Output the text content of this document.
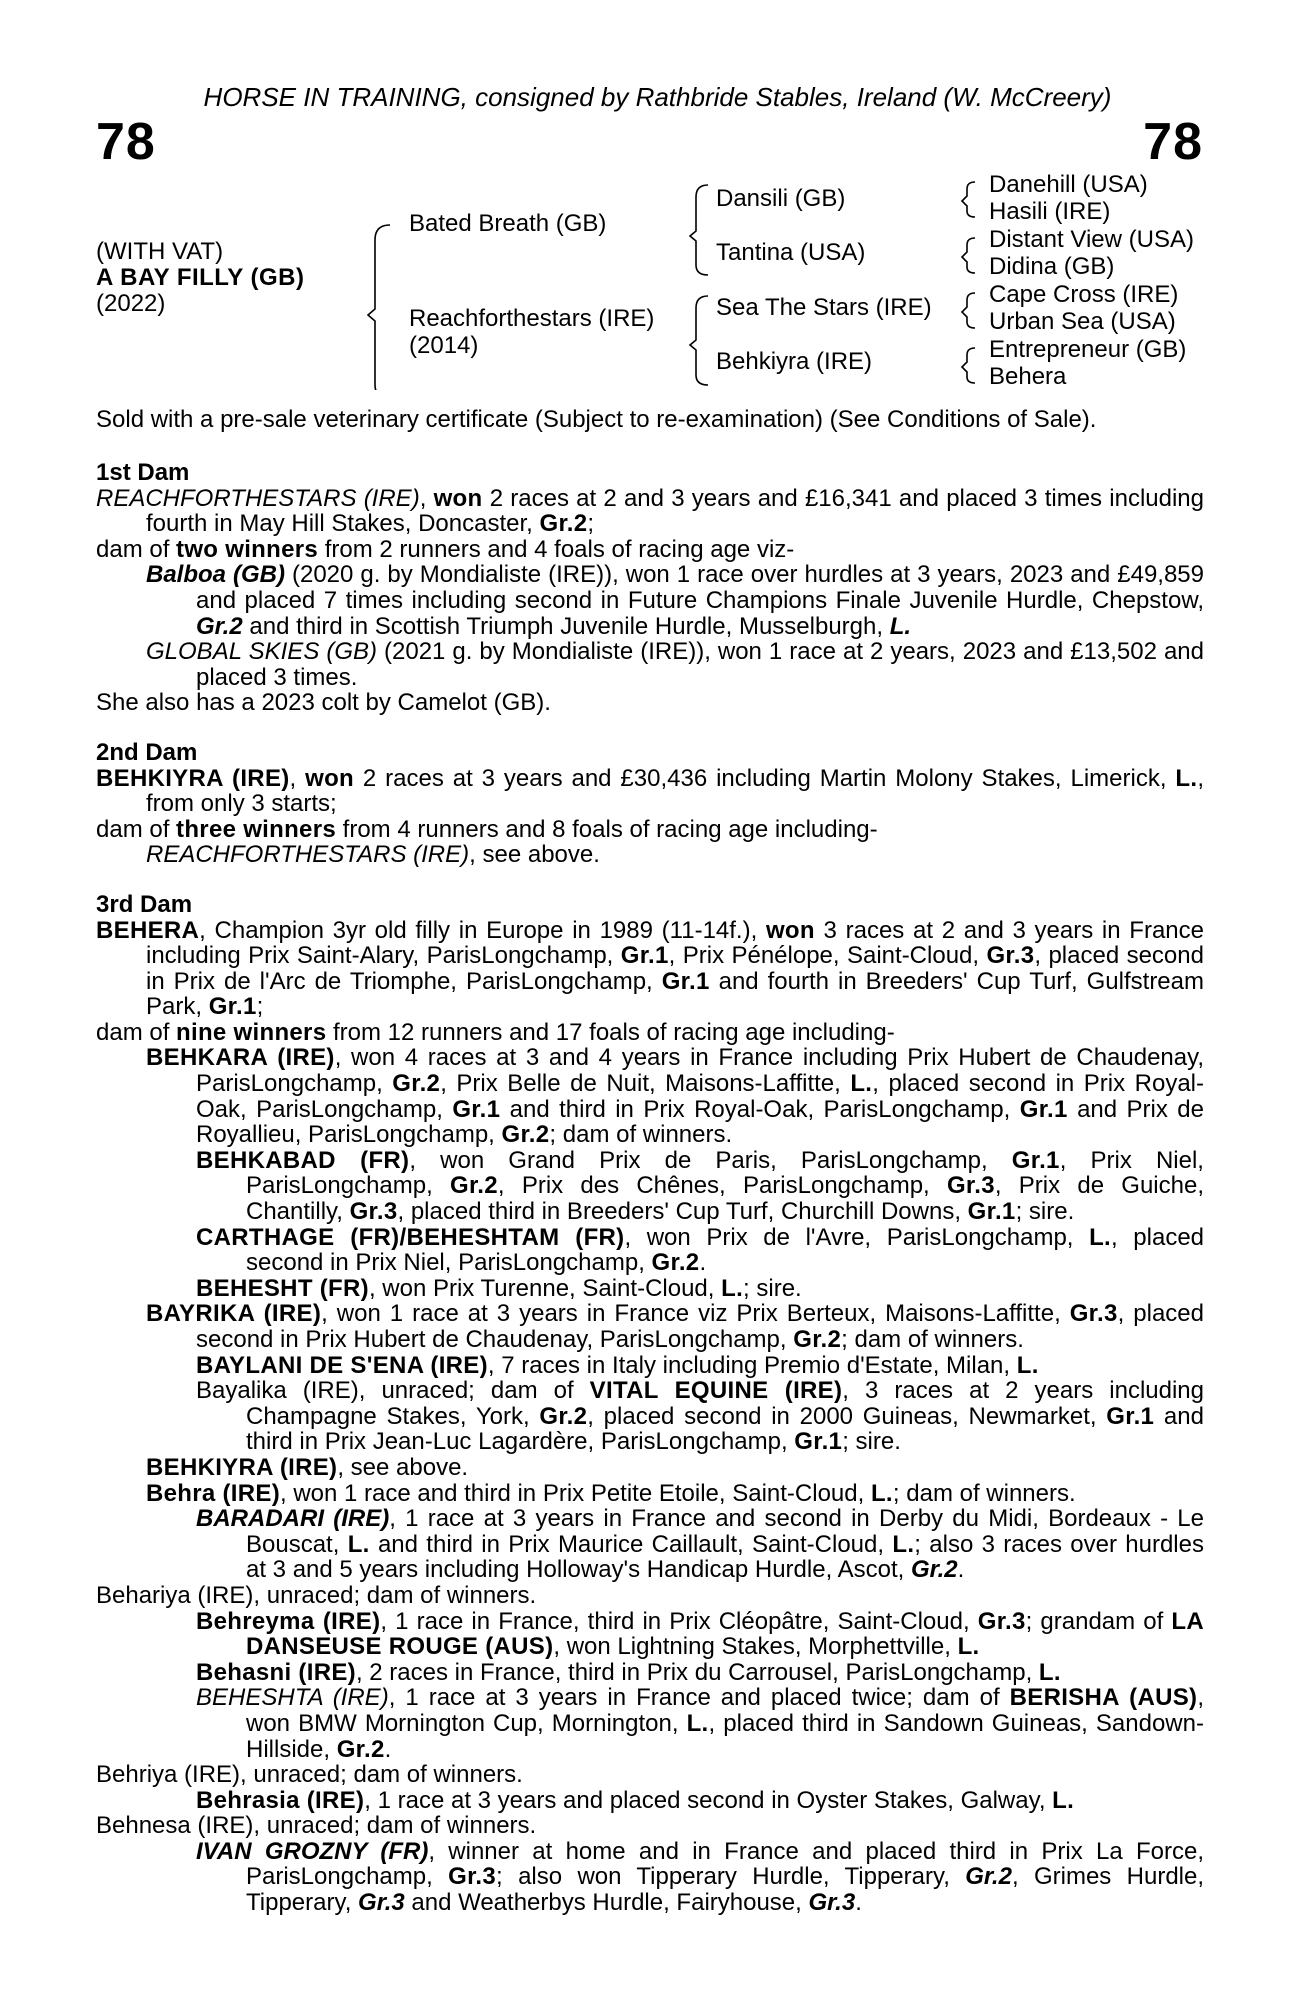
HORSE IN TRAINING, consigned by Rathbride Stables, Ireland (W. McCreery)
78	78
(WITH VAT)
A BAY FILLY (GB)
(2022)
Bated Breath (GB)
Reachforthestars (IRE)
(2014)
Dansili (GB)
Tantina (USA)
Sea The Stars (IRE)
Behkiyra (IRE)
Danehill (USA)
Hasili (IRE)
Distant View (USA)
Didina (GB)
Cape Cross (IRE)
Urban Sea (USA)
Entrepreneur (GB)
Behera
Sold with a pre-sale veterinary certificate (Subject to re-examination) (See Conditions of Sale).
1st Dam
REACHFORTHESTARS (IRE), won 2 races at 2 and 3 years and £16,341 and placed 3 times including fourth in May Hill Stakes, Doncaster, Gr.2;
dam of two winners from 2 runners and 4 foals of racing age viz-
Balboa (GB) (2020 g. by Mondialiste (IRE)), won 1 race over hurdles at 3 years, 2023 and £49,859 and placed 7 times including second in Future Champions Finale Juvenile Hurdle, Chepstow, Gr.2 and third in Scottish Triumph Juvenile Hurdle, Musselburgh, L.
GLOBAL SKIES (GB) (2021 g. by Mondialiste (IRE)), won 1 race at 2 years, 2023 and £13,502 and placed 3 times.
She also has a 2023 colt by Camelot (GB).
2nd Dam
BEHKIYRA (IRE), won 2 races at 3 years and £30,436 including Martin Molony Stakes, Limerick, L., from only 3 starts;
dam of three winners from 4 runners and 8 foals of racing age including-
REACHFORTHESTARS (IRE), see above.
3rd Dam
BEHERA, Champion 3yr old filly in Europe in 1989 (11-14f.), won 3 races at 2 and 3 years in France including Prix Saint-Alary, ParisLongchamp, Gr.1, Prix Pénélope, Saint-Cloud, Gr.3, placed second in Prix de l'Arc de Triomphe, ParisLongchamp, Gr.1 and fourth in Breeders' Cup Turf, Gulfstream Park, Gr.1;
dam of nine winners from 12 runners and 17 foals of racing age including-
BEHKARA (IRE), won 4 races at 3 and 4 years in France including Prix Hubert de Chaudenay, ParisLongchamp, Gr.2, Prix Belle de Nuit, Maisons-Laffitte, L., placed second in Prix Royal-Oak, ParisLongchamp, Gr.1 and third in Prix Royal-Oak, ParisLongchamp, Gr.1 and Prix de Royallieu, ParisLongchamp, Gr.2; dam of winners.
BEHKABAD (FR), won Grand Prix de Paris, ParisLongchamp, Gr.1, Prix Niel, ParisLongchamp, Gr.2, Prix des Chênes, ParisLongchamp, Gr.3, Prix de Guiche, Chantilly, Gr.3, placed third in Breeders' Cup Turf, Churchill Downs, Gr.1; sire.
CARTHAGE (FR)/BEHESHTAM (FR), won Prix de l'Avre, ParisLongchamp, L., placed second in Prix Niel, ParisLongchamp, Gr.2.
BEHESHT (FR), won Prix Turenne, Saint-Cloud, L.; sire.
BAYRIKA (IRE), won 1 race at 3 years in France viz Prix Berteux, Maisons-Laffitte, Gr.3, placed second in Prix Hubert de Chaudenay, ParisLongchamp, Gr.2; dam of winners.
BAYLANI DE S'ENA (IRE), 7 races in Italy including Premio d'Estate, Milan, L.
Bayalika (IRE), unraced; dam of VITAL EQUINE (IRE), 3 races at 2 years including Champagne Stakes, York, Gr.2, placed second in 2000 Guineas, Newmarket, Gr.1 and third in Prix Jean-Luc Lagardère, ParisLongchamp, Gr.1; sire.
BEHKIYRA (IRE), see above.
Behra (IRE), won 1 race and third in Prix Petite Etoile, Saint-Cloud, L.; dam of winners.
BARADARI (IRE), 1 race at 3 years in France and second in Derby du Midi, Bordeaux - Le Bouscat, L. and third in Prix Maurice Caillault, Saint-Cloud, L.; also 3 races over hurdles at 3 and 5 years including Holloway's Handicap Hurdle, Ascot, Gr.2.
Behariya (IRE), unraced; dam of winners.
Behreyma (IRE), 1 race in France, third in Prix Cléopâtre, Saint-Cloud, Gr.3; grandam of LA DANSEUSE ROUGE (AUS), won Lightning Stakes, Morphettville, L.
Behasni (IRE), 2 races in France, third in Prix du Carrousel, ParisLongchamp, L.
BEHESHTA (IRE), 1 race at 3 years in France and placed twice; dam of BERISHA (AUS), won BMW Mornington Cup, Mornington, L., placed third in Sandown Guineas, Sandown-Hillside, Gr.2.
Behriya (IRE), unraced; dam of winners.
Behrasia (IRE), 1 race at 3 years and placed second in Oyster Stakes, Galway, L.
Behnesa (IRE), unraced; dam of winners.
IVAN GROZNY (FR), winner at home and in France and placed third in Prix La Force, ParisLongchamp, Gr.3; also won Tipperary Hurdle, Tipperary, Gr.2, Grimes Hurdle, Tipperary, Gr.3 and Weatherbys Hurdle, Fairyhouse, Gr.3.
